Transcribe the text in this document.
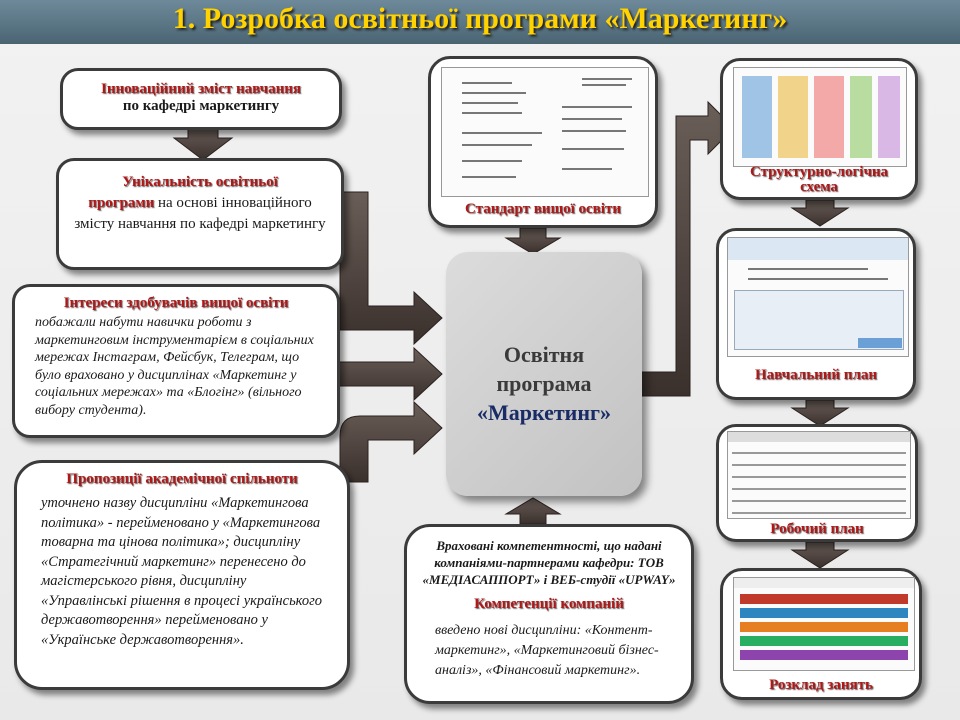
1. Розробка освітньої програми «Маркетинг»
Інноваційний зміст навчання
по кафедрі маркетингу
Унікальність освітньої
програми на основі інноваційного змісту навчання по кафедрі маркетингу
Інтереси здобувачів вищої освіти
побажали набути навички роботи з маркетинговим інструментарієм в соціальних мережах Інстаграм, Фейсбук, Телеграм, що було враховано у дисциплінах «Маркетинг у соціальних мережах» та «Блогінг» (вільного вибору студента).
Пропозиції академічної спільноти
уточнено назву дисципліни «Маркетингова політика» - перейменовано у «Маркетингова товарна та цінова політика»; дисципліну «Стратегічний маркетинг» перенесено до магістерського рівня, дисципліну «Управлінські рішення в процесі українського державотворення» перейменовано у «Українське державотворення».
Стандарт вищої освіти
Освітня
програма
«Маркетинг»
Враховані компетентності, що надані компаніями-партнерами кафедри: ТОВ «МЕДІАСАППОРТ» і ВЕБ-студії «UPWAY»
Компетенції компаній
введено нові дисципліни: «Контент-маркетинг», «Маркетинговий бізнес-аналіз», «Фінансовий маркетинг».
Структурно-логічна схема
Навчальний план
Робочий план
Розклад занять
